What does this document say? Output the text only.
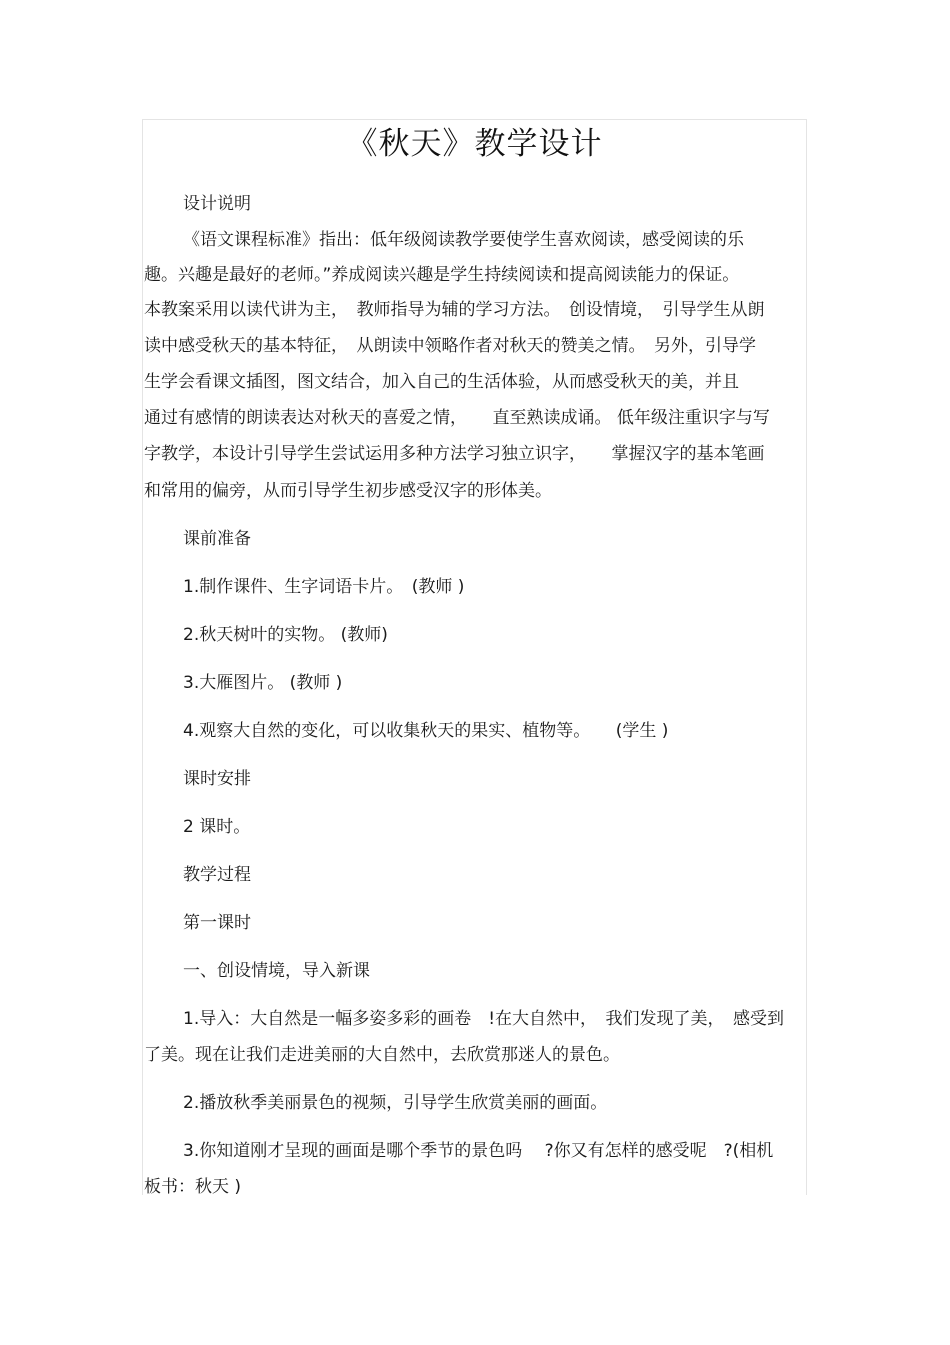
《秋天》教学设计
设计说明
《语文课程标准》指出：低年级阅读教学要使学生喜欢阅读，感受阅读的乐
趣。兴趣是最好的老师。”养成阅读兴趣是学生持续阅读和提高阅读能力的保证。
本教案采用以读代讲为主，　教师指导为辅的学习方法。　创设情境，　引导学生从朗
读中感受秋天的基本特征，　从朗读中领略作者对秋天的赞美之情。　另外，引导学
生学会看课文插图，图文结合，加入自己的生活体验，从而感受秋天的美，并且
通过有感情的朗读表达对秋天的喜爱之情，　　直至熟读成诵。 低年级注重识字与写
字教学，本设计引导学生尝试运用多种方法学习独立识字，　　掌握汉字的基本笔画
和常用的偏旁，从而引导学生初步感受汉字的形体美。
课前准备
1.制作课件、生字词语卡片。　(教师 )
2.秋天树叶的实物。 (教师)
3.大雁图片。 (教师 )
4.观察大自然的变化，可以收集秋天的果实、植物等。　　(学生 )
课时安排
2 课时。
教学过程
第一课时
一、创设情境，导入新课
1.导入：大自然是一幅多姿多彩的画卷　!在大自然中，　我们发现了美，　感受到
了美。现在让我们走进美丽的大自然中，去欣赏那迷人的景色。
2.播放秋季美丽景色的视频，引导学生欣赏美丽的画面。
3.你知道刚才呈现的画面是哪个季节的景色吗　 ?你又有怎样的感受呢　?(相机
板书：秋天 )
